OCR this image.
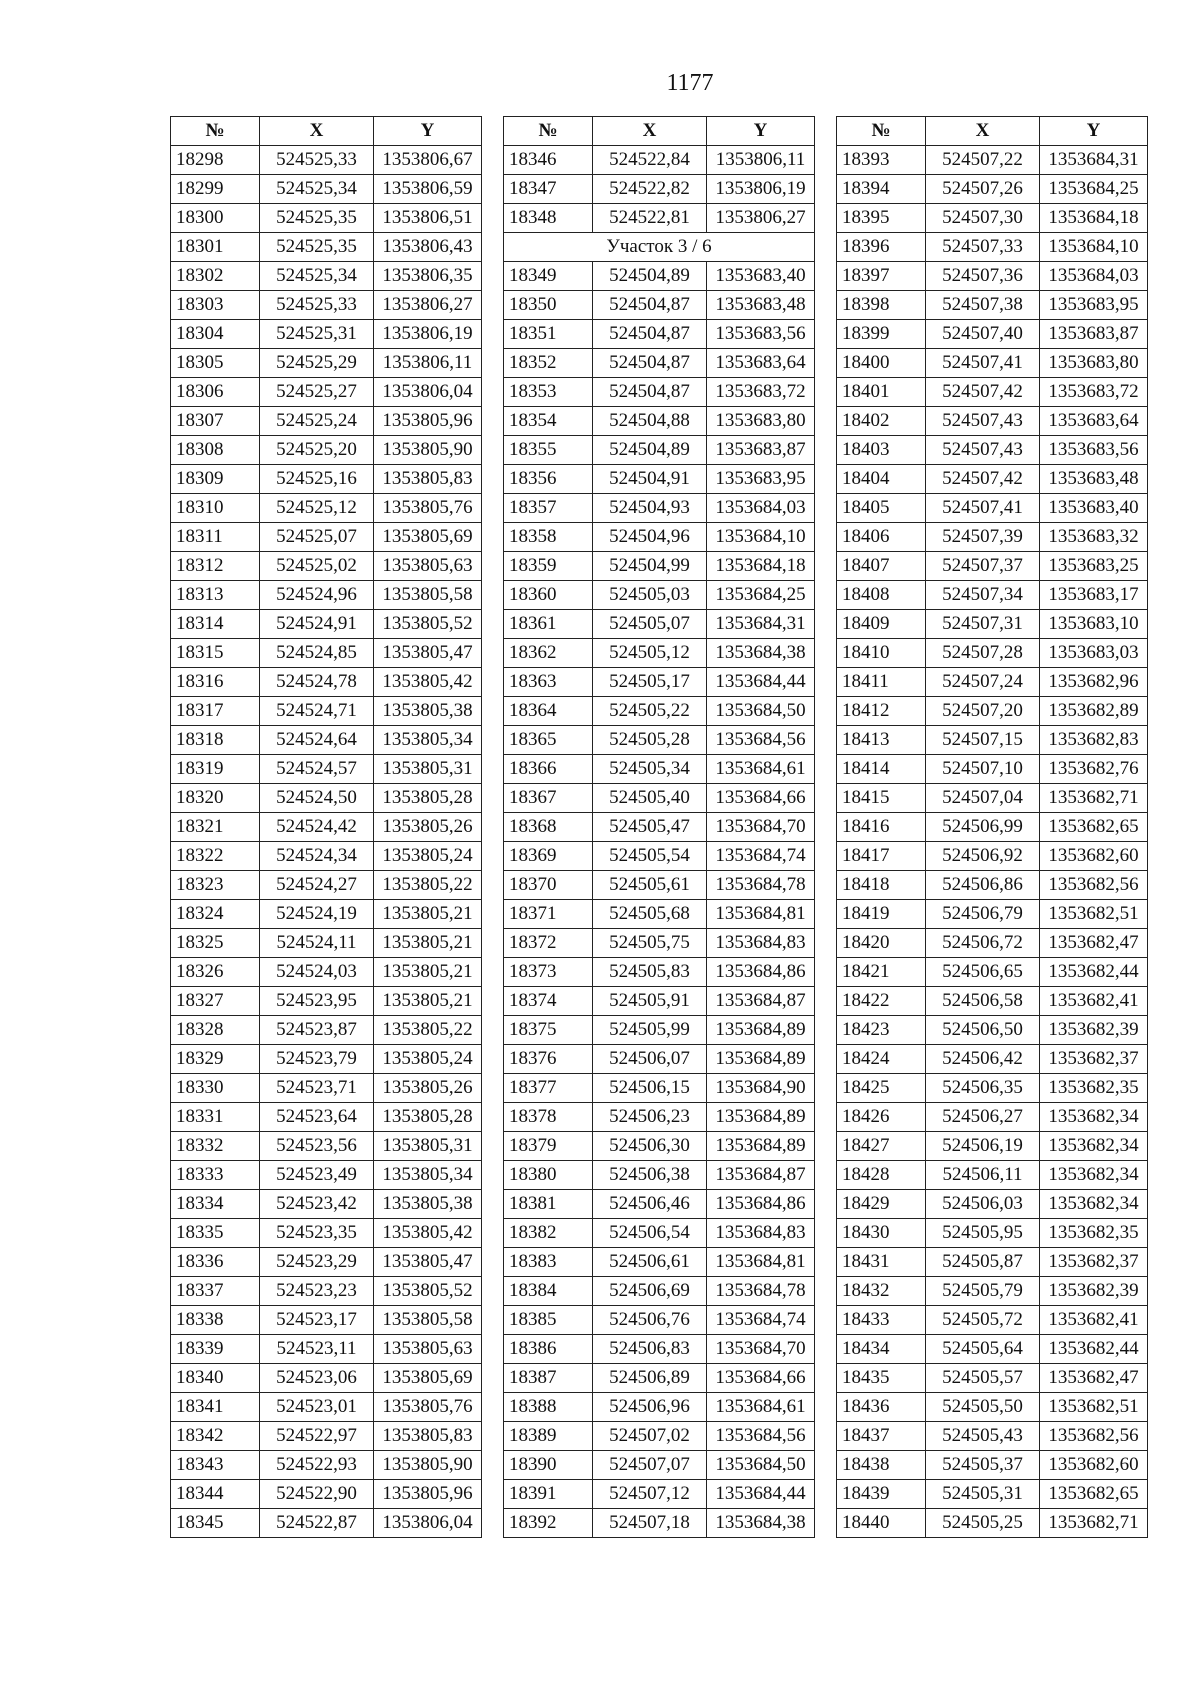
1177
№	X	Y
18298	524525,33	1353806,67
18299	524525,34	1353806,59
18300	524525,35	1353806,51
18301	524525,35	1353806,43
18302	524525,34	1353806,35
18303	524525,33	1353806,27
18304	524525,31	1353806,19
18305	524525,29	1353806,11
18306	524525,27	1353806,04
18307	524525,24	1353805,96
18308	524525,20	1353805,90
18309	524525,16	1353805,83
18310	524525,12	1353805,76
18311	524525,07	1353805,69
18312	524525,02	1353805,63
18313	524524,96	1353805,58
18314	524524,91	1353805,52
18315	524524,85	1353805,47
18316	524524,78	1353805,42
18317	524524,71	1353805,38
18318	524524,64	1353805,34
18319	524524,57	1353805,31
18320	524524,50	1353805,28
18321	524524,42	1353805,26
18322	524524,34	1353805,24
18323	524524,27	1353805,22
18324	524524,19	1353805,21
18325	524524,11	1353805,21
18326	524524,03	1353805,21
18327	524523,95	1353805,21
18328	524523,87	1353805,22
18329	524523,79	1353805,24
18330	524523,71	1353805,26
18331	524523,64	1353805,28
18332	524523,56	1353805,31
18333	524523,49	1353805,34
18334	524523,42	1353805,38
18335	524523,35	1353805,42
18336	524523,29	1353805,47
18337	524523,23	1353805,52
18338	524523,17	1353805,58
18339	524523,11	1353805,63
18340	524523,06	1353805,69
18341	524523,01	1353805,76
18342	524522,97	1353805,83
18343	524522,93	1353805,90
18344	524522,90	1353805,96
18345	524522,87	1353806,04
№	X	Y
18346	524522,84	1353806,11
18347	524522,82	1353806,19
18348	524522,81	1353806,27
Участок 3 / 6		
18349	524504,89	1353683,40
18350	524504,87	1353683,48
18351	524504,87	1353683,56
18352	524504,87	1353683,64
18353	524504,87	1353683,72
18354	524504,88	1353683,80
18355	524504,89	1353683,87
18356	524504,91	1353683,95
18357	524504,93	1353684,03
18358	524504,96	1353684,10
18359	524504,99	1353684,18
18360	524505,03	1353684,25
18361	524505,07	1353684,31
18362	524505,12	1353684,38
18363	524505,17	1353684,44
18364	524505,22	1353684,50
18365	524505,28	1353684,56
18366	524505,34	1353684,61
18367	524505,40	1353684,66
18368	524505,47	1353684,70
18369	524505,54	1353684,74
18370	524505,61	1353684,78
18371	524505,68	1353684,81
18372	524505,75	1353684,83
18373	524505,83	1353684,86
18374	524505,91	1353684,87
18375	524505,99	1353684,89
18376	524506,07	1353684,89
18377	524506,15	1353684,90
18378	524506,23	1353684,89
18379	524506,30	1353684,89
18380	524506,38	1353684,87
18381	524506,46	1353684,86
18382	524506,54	1353684,83
18383	524506,61	1353684,81
18384	524506,69	1353684,78
18385	524506,76	1353684,74
18386	524506,83	1353684,70
18387	524506,89	1353684,66
18388	524506,96	1353684,61
18389	524507,02	1353684,56
18390	524507,07	1353684,50
18391	524507,12	1353684,44
18392	524507,18	1353684,38
№	X	Y
18393	524507,22	1353684,31
18394	524507,26	1353684,25
18395	524507,30	1353684,18
18396	524507,33	1353684,10
18397	524507,36	1353684,03
18398	524507,38	1353683,95
18399	524507,40	1353683,87
18400	524507,41	1353683,80
18401	524507,42	1353683,72
18402	524507,43	1353683,64
18403	524507,43	1353683,56
18404	524507,42	1353683,48
18405	524507,41	1353683,40
18406	524507,39	1353683,32
18407	524507,37	1353683,25
18408	524507,34	1353683,17
18409	524507,31	1353683,10
18410	524507,28	1353683,03
18411	524507,24	1353682,96
18412	524507,20	1353682,89
18413	524507,15	1353682,83
18414	524507,10	1353682,76
18415	524507,04	1353682,71
18416	524506,99	1353682,65
18417	524506,92	1353682,60
18418	524506,86	1353682,56
18419	524506,79	1353682,51
18420	524506,72	1353682,47
18421	524506,65	1353682,44
18422	524506,58	1353682,41
18423	524506,50	1353682,39
18424	524506,42	1353682,37
18425	524506,35	1353682,35
18426	524506,27	1353682,34
18427	524506,19	1353682,34
18428	524506,11	1353682,34
18429	524506,03	1353682,34
18430	524505,95	1353682,35
18431	524505,87	1353682,37
18432	524505,79	1353682,39
18433	524505,72	1353682,41
18434	524505,64	1353682,44
18435	524505,57	1353682,47
18436	524505,50	1353682,51
18437	524505,43	1353682,56
18438	524505,37	1353682,60
18439	524505,31	1353682,65
18440	524505,25	1353682,71
